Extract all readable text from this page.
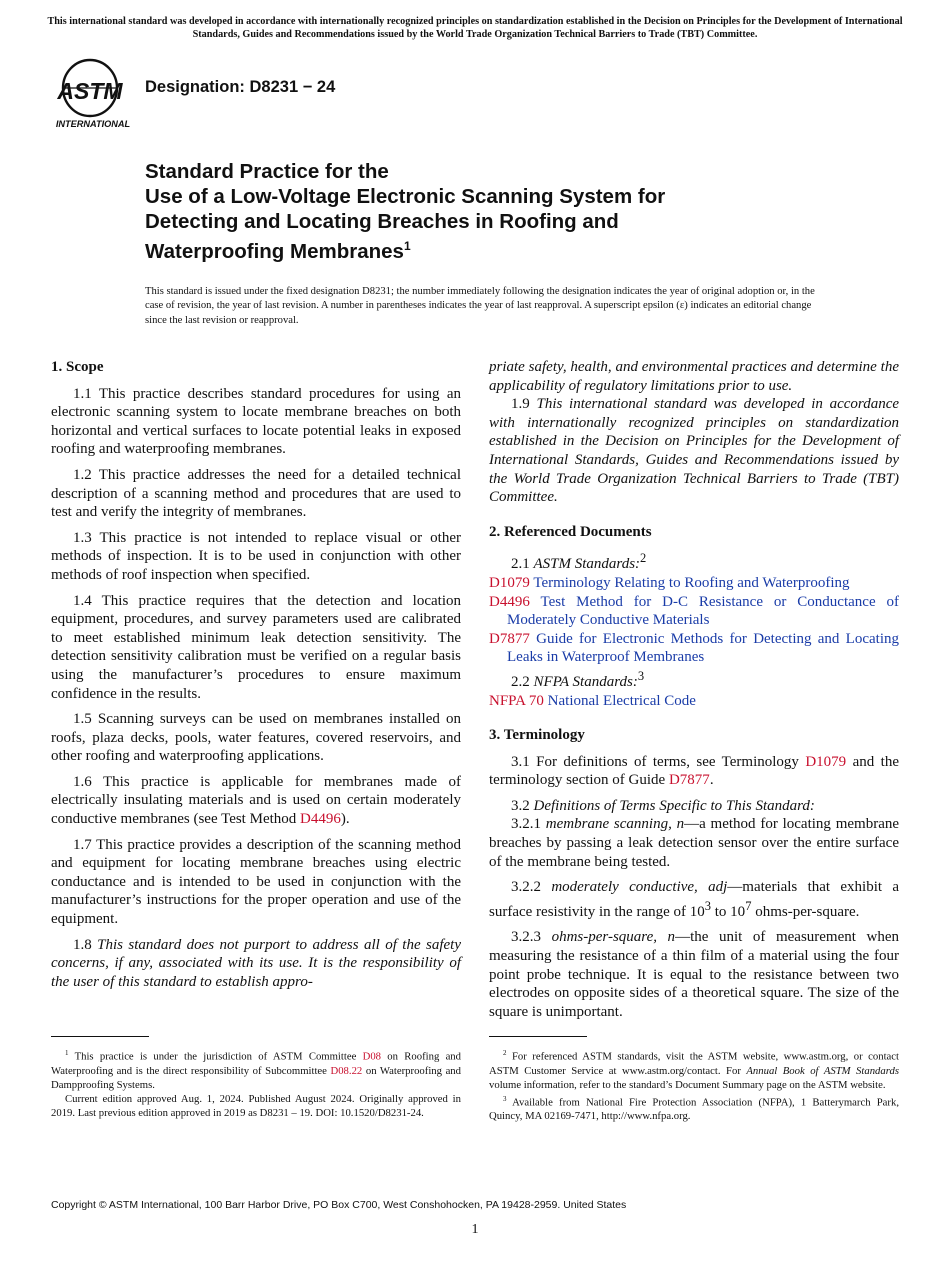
This international standard was developed in accordance with internationally recognized principles on standardization established in the Decision on Principles for the Development of International Standards, Guides and Recommendations issued by the World Trade Organization Technical Barriers to Trade (TBT) Committee.
ASTM
INTERNATIONAL
Designation: D8231 − 24
Standard Practice for the
Use of a Low-Voltage Electronic Scanning System for
Detecting and Locating Breaches in Roofing and
Waterproofing Membranes$^1$
This standard is issued under the fixed designation D8231; the number immediately following the designation indicates the year of original adoption or, in the case of revision, the year of last revision. A number in parentheses indicates the year of last reapproval. A superscript epsilon (ε) indicates an editorial change since the last revision or reapproval.
1. Scope

1.1 This practice describes standard procedures for using an electronic scanning system to locate membrane breaches on both horizontal and vertical surfaces to locate potential leaks in exposed roofing and waterproofing membranes.

1.2 This practice addresses the need for a detailed technical description of a scanning method and procedures that are used to test and verify the integrity of membranes.

1.3 This practice is not intended to replace visual or other methods of inspection. It is to be used in conjunction with other methods of roof inspection when specified.

1.4 This practice requires that the detection and location equipment, procedures, and survey parameters used are calibrated to meet established minimum leak detection sensitivity. The detection sensitivity calibration must be verified on a regular basis using the manufacturer’s procedures to ensure maximum confidence in the results.

1.5 Scanning surveys can be used on membranes installed on roofs, plaza decks, pools, water features, covered reservoirs, and other roofing and waterproofing applications.

1.6 This practice is applicable for membranes made of electrically insulating materials and is used on certain moderately conductive membranes (see Test Method D4496).

1.7 This practice provides a description of the scanning method and equipment for locating membrane breaches using electric conductance and is intended to be used in conjunction with the manufacturer’s instructions for the proper operation and use of the equipment.

1.8 This standard does not purport to address all of the safety concerns, if any, associated with its use. It is the responsibility of the user of this standard to establish appro-

priate safety, health, and environmental practices and determine the applicability of regulatory limitations prior to use.

1.9 This international standard was developed in accordance with internationally recognized principles on standardization established in the Decision on Principles for the Development of International Standards, Guides and Recommendations issued by the World Trade Organization Technical Barriers to Trade (TBT) Committee.

2. Referenced Documents

2.1 ASTM Standards:$^2$

D1079 Terminology Relating to Roofing and Waterproofing
D4496 Test Method for D-C Resistance or Conductance of Moderately Conductive Materials
D7877 Guide for Electronic Methods for Detecting and Locating Leaks in Waterproof Membranes

2.2 NFPA Standards:$^3$

NFPA 70 National Electrical Code
3. Terminology

3.1 For definitions of terms, see Terminology D1079 and the terminology section of Guide D7877.

3.2 Definitions of Terms Specific to This Standard:

3.2.1 membrane scanning, n—a method for locating membrane breaches by passing a leak detection sensor over the entire surface of the membrane being tested.

3.2.2 moderately conductive, adj—materials that exhibit a surface resistivity in the range of $10^3$ to $10^7$ ohms-per-square.

3.2.3 ohms-per-square, n—the unit of measurement when measuring the resistance of a thin film of a material using the four point probe technique. It is equal to the resistance between two electrodes on opposite sides of a theoretical square. The size of the square is unimportant.

$^1$ This practice is under the jurisdiction of ASTM Committee D08 on Roofing and Waterproofing and is the direct responsibility of Subcommittee D08.22 on Waterproofing and Dampproofing Systems.

Current edition approved Aug. 1, 2024. Published August 2024. Originally approved in 2019. Last previous edition approved in 2019 as D8231 – 19. DOI: 10.1520/D8231-24.

$^2$ For referenced ASTM standards, visit the ASTM website, www.astm.org, or contact ASTM Customer Service at www.astm.org/contact. For Annual Book of ASTM Standards volume information, refer to the standard’s Document Summary page on the ASTM website.

$^3$ Available from National Fire Protection Association (NFPA), 1 Batterymarch Park, Quincy, MA 02169-7471, http://www.nfpa.org.

Copyright © ASTM International, 100 Barr Harbor Drive, PO Box C700, West Conshohocken, PA 19428-2959. United States
1
